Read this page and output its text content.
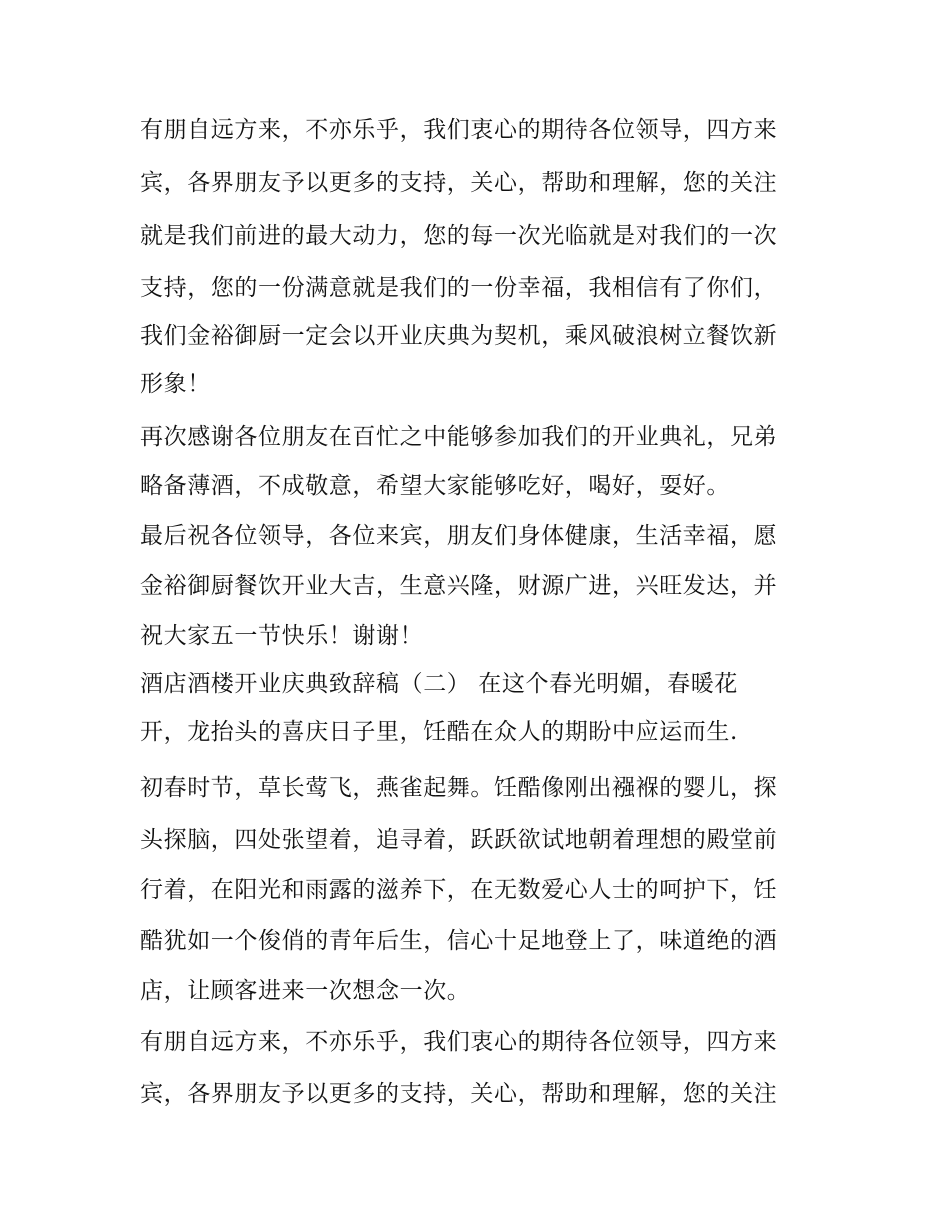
有朋自远方来，不亦乐乎，我们衷心的期待各位领导，四方来

宾，各界朋友予以更多的支持，关心，帮助和理解，您的关注

就是我们前进的最大动力，您的每一次光临就是对我们的一次

支持，您的一份满意就是我们的一份幸福，我相信有了你们，

我们金裕御厨一定会以开业庆典为契机，乘风破浪树立餐饮新

形象！

再次感谢各位朋友在百忙之中能够参加我们的开业典礼，兄弟

略备薄酒，不成敬意，希望大家能够吃好，喝好，耍好。

最后祝各位领导，各位来宾，朋友们身体健康，生活幸福，愿

金裕御厨餐饮开业大吉，生意兴隆，财源广进，兴旺发达，并

祝大家五一节快乐！谢谢！

酒店酒楼开业庆典致辞稿（二） 在这个春光明媚，春暖花

开，龙抬头的喜庆日子里，饪酷在众人的期盼中应运而生.

初春时节，草长莺飞，燕雀起舞。饪酷像刚出襁褓的婴儿，探

头探脑，四处张望着，追寻着，跃跃欲试地朝着理想的殿堂前

行着，在阳光和雨露的滋养下，在无数爱心人士的呵护下，饪

酷犹如一个俊俏的青年后生，信心十足地登上了，味道绝的酒

店，让顾客进来一次想念一次。

有朋自远方来，不亦乐乎，我们衷心的期待各位领导，四方来

宾，各界朋友予以更多的支持，关心，帮助和理解，您的关注
